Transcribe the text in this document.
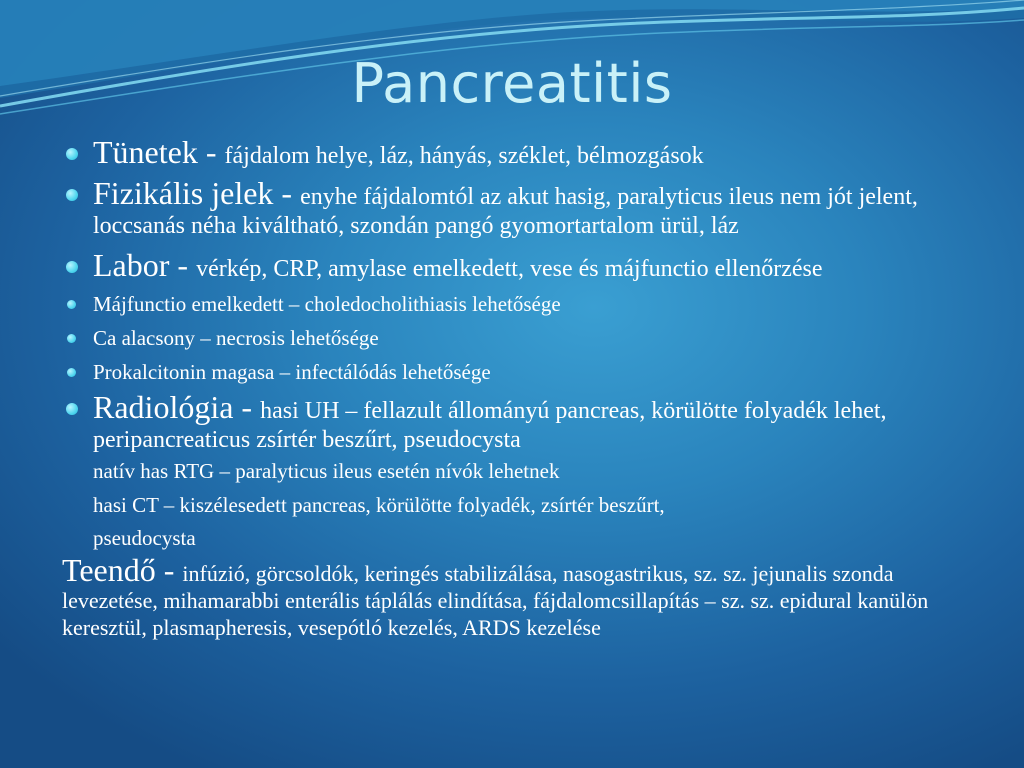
Pancreatitis
Tünetek - fájdalom helye, láz, hányás, széklet, bélmozgások
Fizikális jelek - enyhe fájdalomtól az akut hasig, paralyticus ileus nem jót jelent, loccsanás néha kiváltható, szondán pangó gyomortartalom ürül, láz
Labor - vérkép, CRP, amylase emelkedett, vese és májfunctio ellenőrzése
Májfunctio emelkedett – choledocholithiasis lehetősége
Ca alacsony – necrosis lehetősége
Prokalcitonin magasa – infectálódás lehetősége
Radiológia - hasi UH – fellazult állományú pancreas, körülötte folyadék lehet, peripancreaticus zsírtér beszűrt, pseudocysta
natív has RTG – paralyticus ileus esetén nívók lehetnek
hasi CT – kiszélesedett pancreas, körülötte folyadék, zsírtér beszűrt,
pseudocysta
Teendő - infúzió, görcsoldók, keringés stabilizálása, nasogastrikus, sz. sz. jejunalis szonda levezetése, mihamarabbi enterális táplálás elindítása, fájdalomcsillapítás – sz. sz. epidural kanülön keresztül, plasmapheresis, vesepótló kezelés, ARDS kezelése
